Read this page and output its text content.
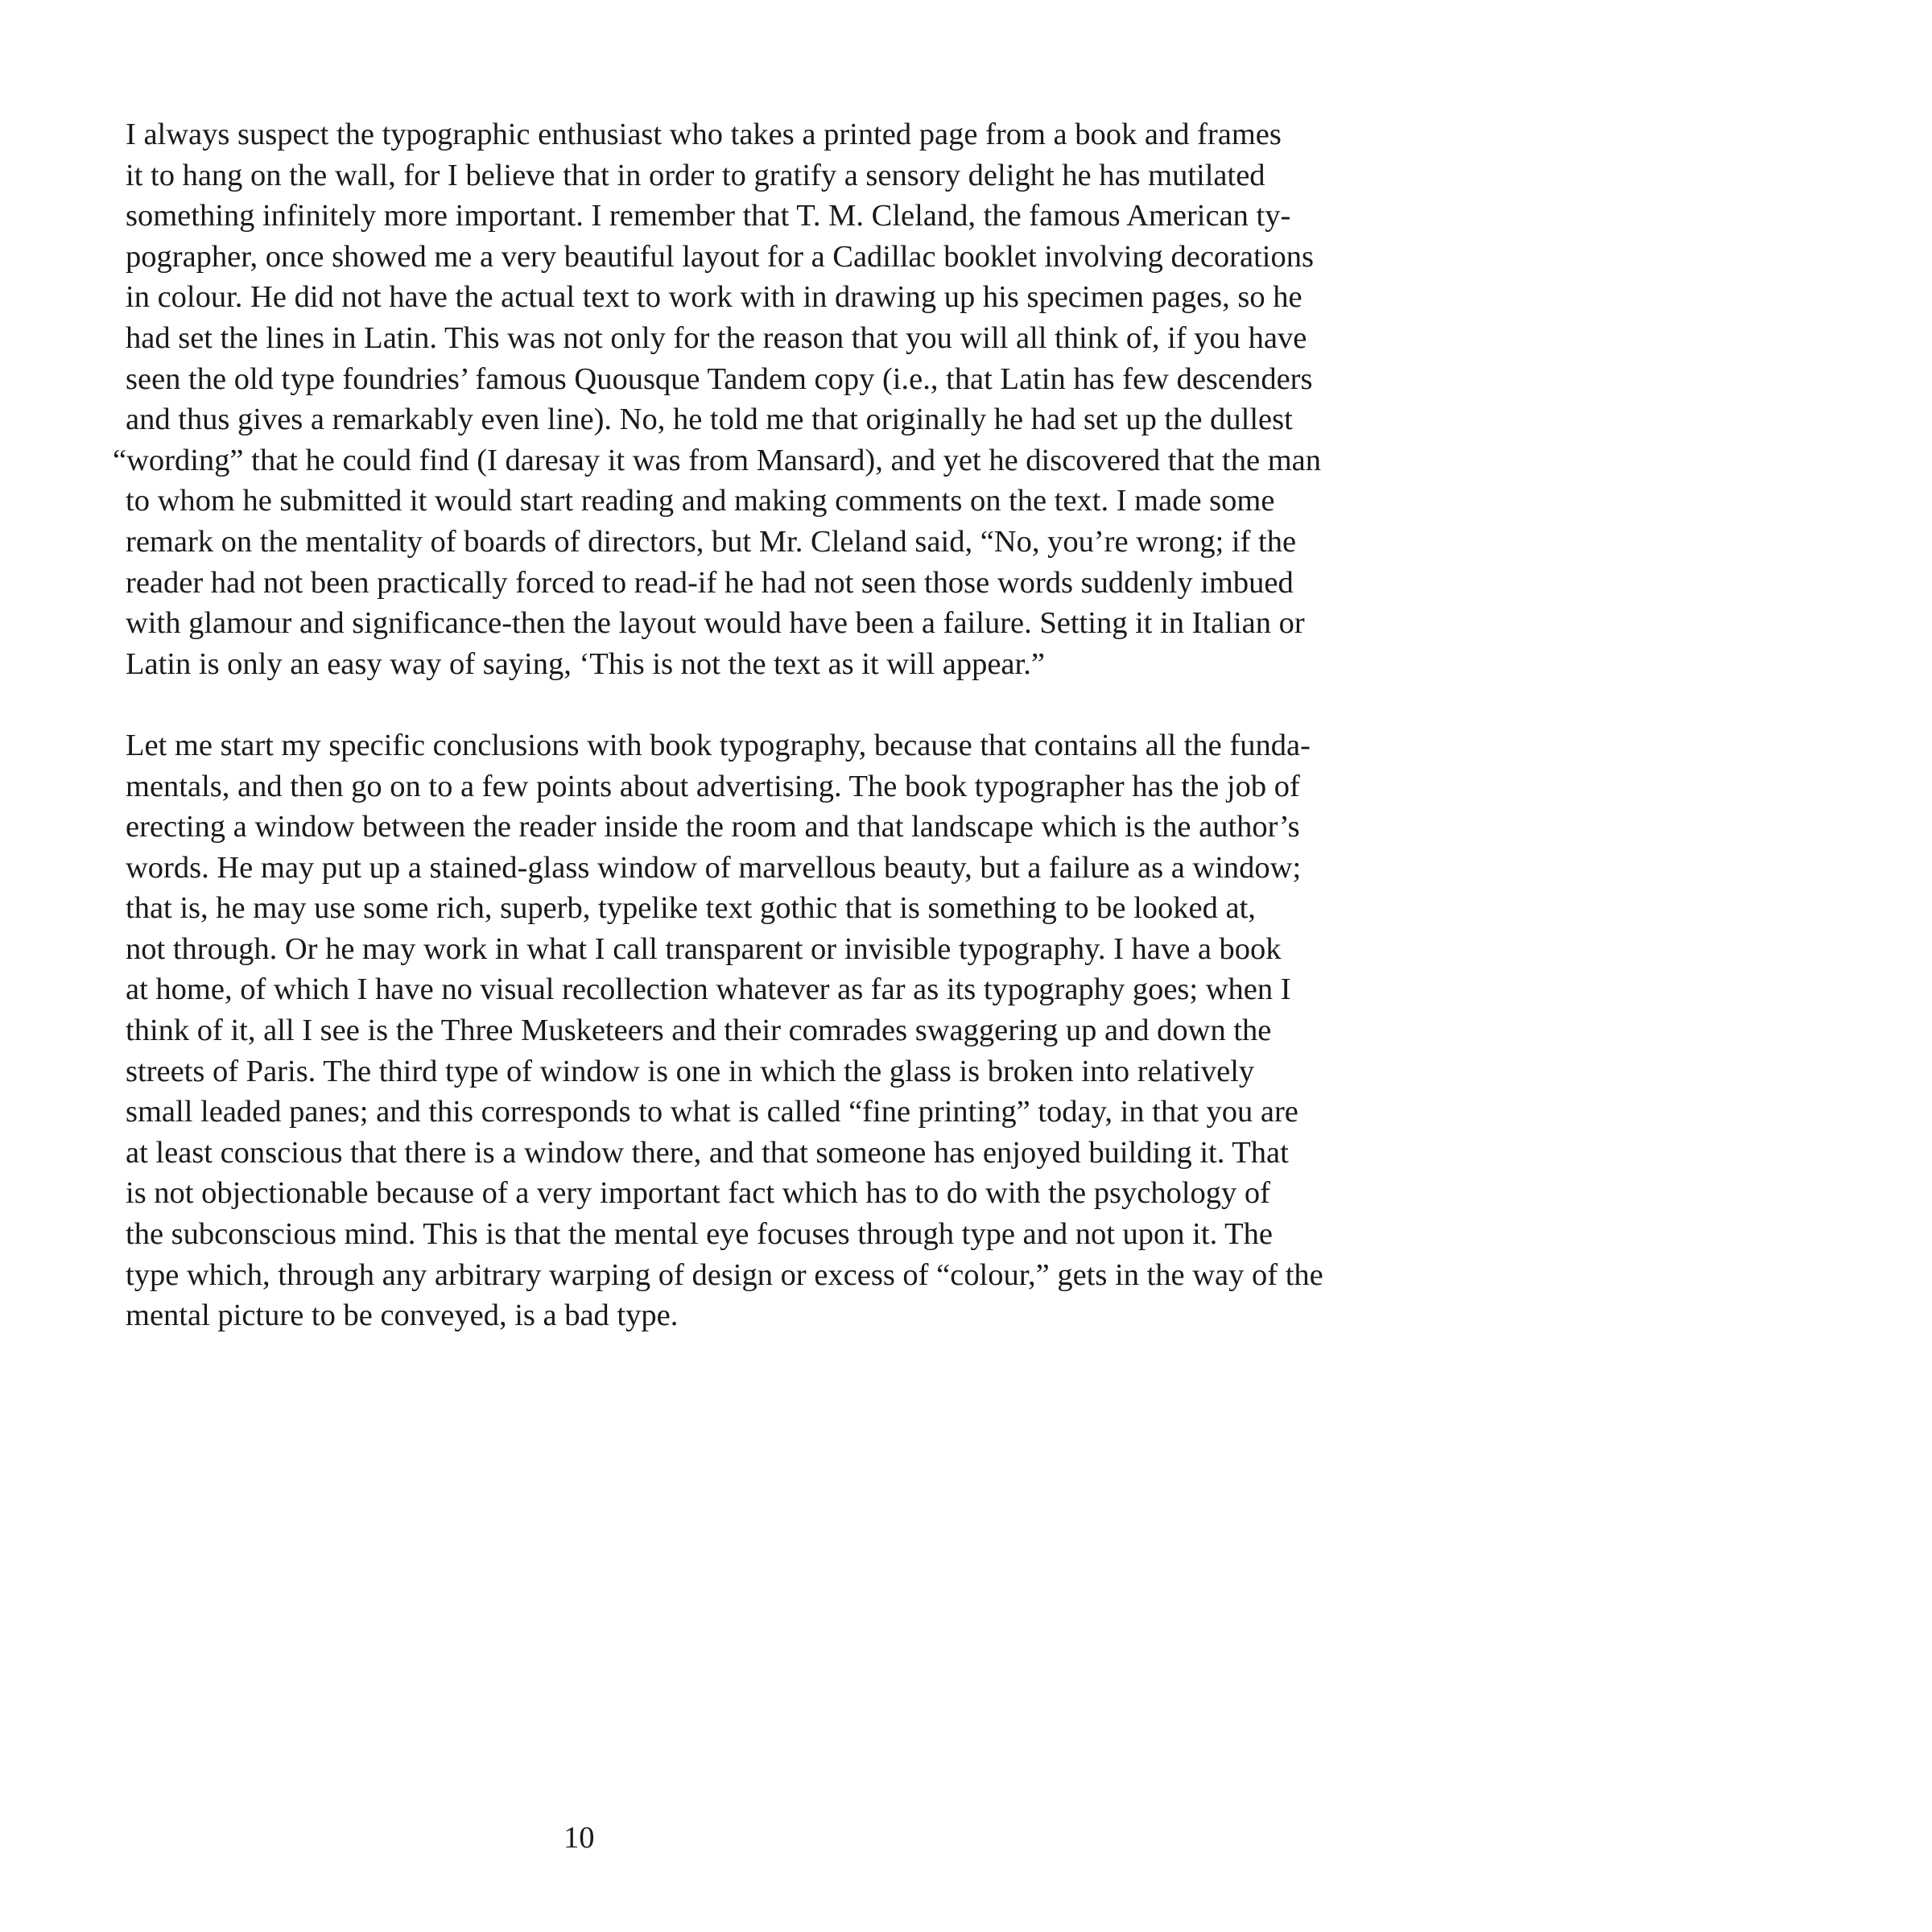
I always suspect the typographic enthusiast who takes a printed page from a book and frames
it to hang on the wall, for I believe that in order to gratify a sensory delight he has mutilated
something infinitely more important. I remember that T. M. Cleland, the famous American ty-
pographer, once showed me a very beautiful layout for a Cadillac booklet involving decorations
in colour. He did not have the actual text to work with in drawing up his specimen pages, so he
had set the lines in Latin. This was not only for the reason that you will all think of, if you have
seen the old type foundries’ famous Quousque Tandem copy (i.e., that Latin has few descenders
and thus gives a remarkably even line). No, he told me that originally he had set up the dullest
“wording” that he could find (I daresay it was from Mansard), and yet he discovered that the man
to whom he submitted it would start reading and making comments on the text. I made some
remark on the mentality of boards of directors, but Mr. Cleland said, “No, you’re wrong; if the
reader had not been practically forced to read-if he had not seen those words suddenly imbued
with glamour and significance-then the layout would have been a failure. Setting it in Italian or
Latin is only an easy way of saying, ‘This is not the text as it will appear.”

Let me start my specific conclusions with book typography, because that contains all the funda-
mentals, and then go on to a few points about advertising. The book typographer has the job of
erecting a window between the reader inside the room and that landscape which is the author’s
words. He may put up a stained-glass window of marvellous beauty, but a failure as a window;
that is, he may use some rich, superb, typelike text gothic that is something to be looked at,
not through. Or he may work in what I call transparent or invisible typography. I have a book
at home, of which I have no visual recollection whatever as far as its typography goes; when I
think of it, all I see is the Three Musketeers and their comrades swaggering up and down the
streets of Paris. The third type of window is one in which the glass is broken into relatively
small leaded panes; and this corresponds to what is called “fine printing” today, in that you are
at least conscious that there is a window there, and that someone has enjoyed building it. That
is not objectionable because of a very important fact which has to do with the psychology of
the subconscious mind. This is that the mental eye focuses through type and not upon it. The
type which, through any arbitrary warping of design or excess of “colour,” gets in the way of the
mental picture to be conveyed, is a bad type.

10
